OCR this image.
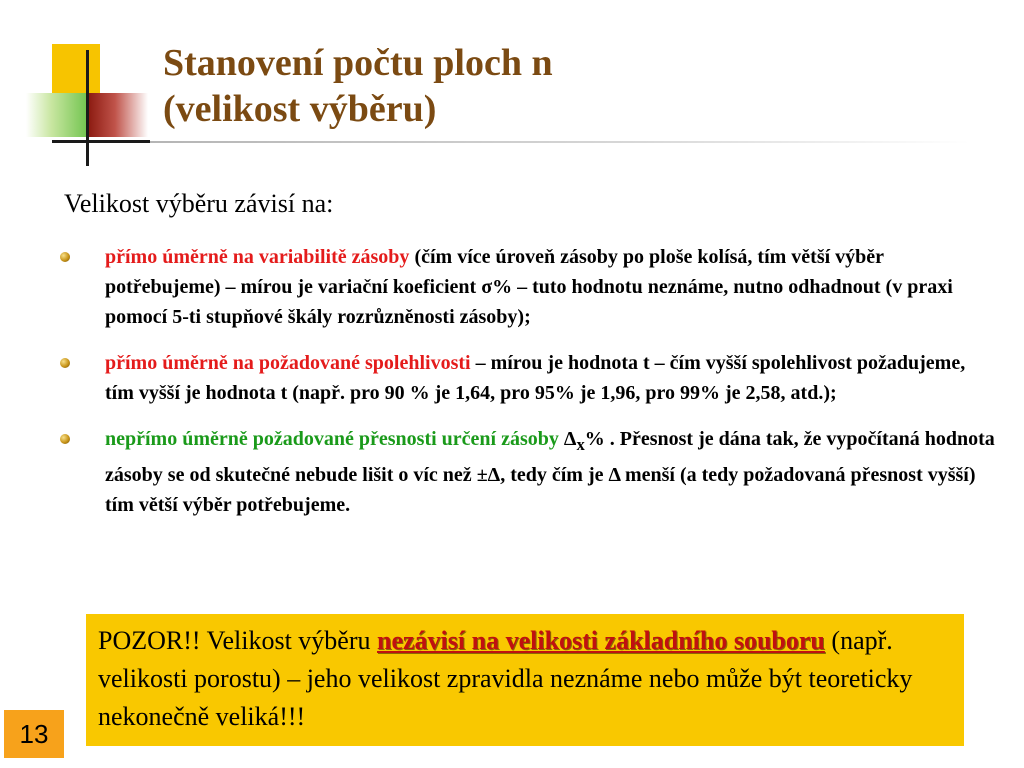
Stanovení počtu ploch n
(velikost výběru)
Velikost výběru závisí na:
přímo úměrně na variabilitě zásoby (čím více úroveň zásoby po ploše kolísá, tím větší výběr potřebujeme) – mírou je variační koeficient σ% – tuto hodnotu neznáme, nutno odhadnout (v praxi pomocí 5-ti stupňové škály rozrůzněnosti zásoby);
přímo úměrně na požadované spolehlivosti – mírou je hodnota t – čím vyšší spolehlivost požadujeme, tím vyšší je hodnota t (např. pro 90 % je 1,64, pro 95% je 1,96, pro 99% je 2,58, atd.);
nepřímo úměrně požadované přesnosti určení zásoby $\Delta_x\%$ . Přesnost je dána tak, že vypočítaná hodnota zásoby se od skutečné nebude lišit o víc než ±Δ, tedy čím je Δ menší (a tedy požadovaná přesnost vyšší) tím větší výběr potřebujeme.
POZOR!! Velikost výběru nezávisí na velikosti základního souboru (např. velikosti porostu) – jeho velikost zpravidla neznáme nebo může být teoreticky nekonečně veliká!!!
13
